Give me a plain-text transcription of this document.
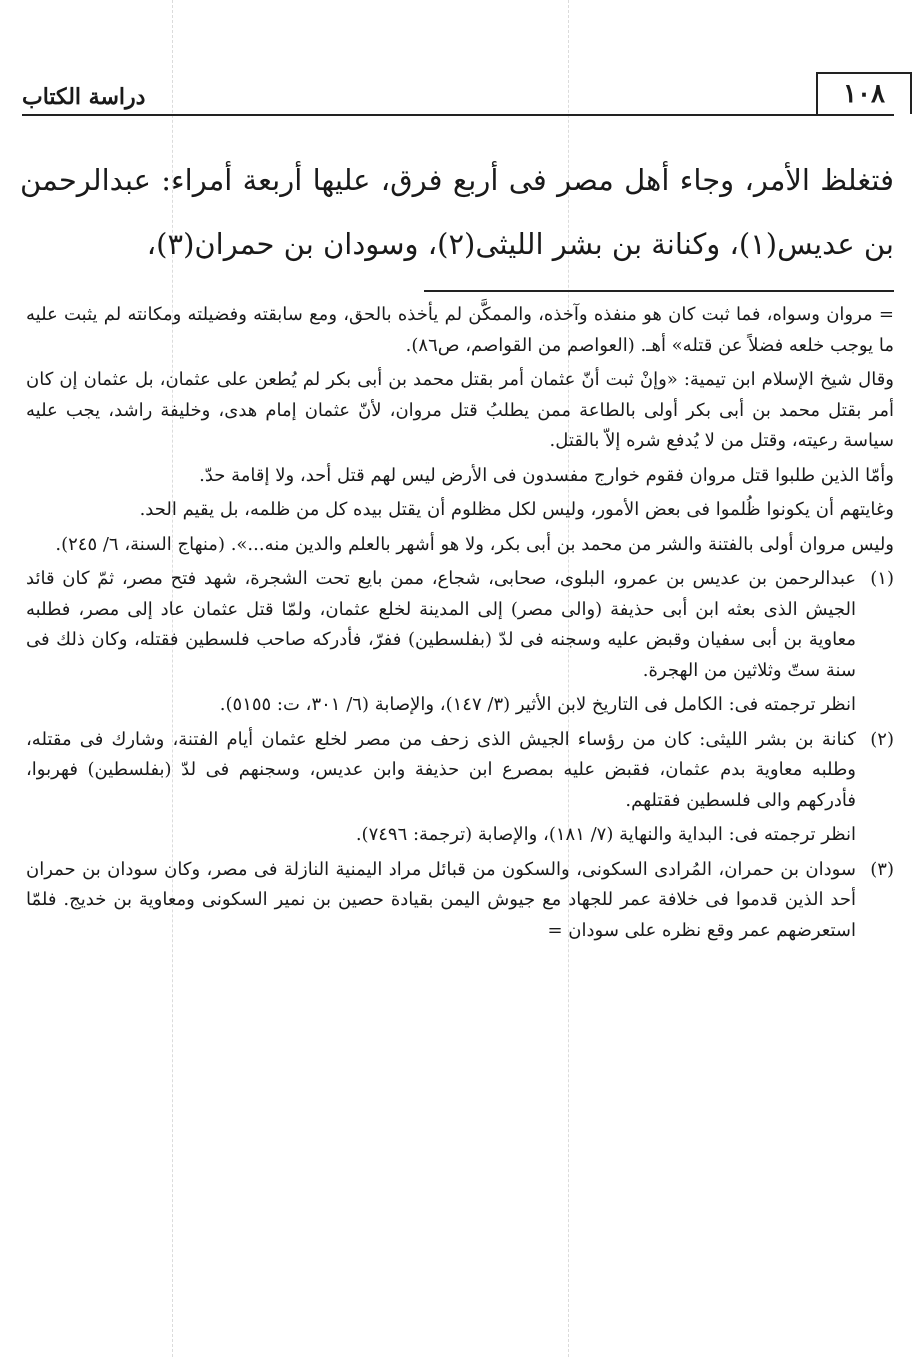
١٠٨
دراسة الكتاب

فتغلظ الأمر، وجاء أهل مصر فى أربع فرق، عليها أربعة أمراء: عبدالرحمن بن عديس(١)، وكنانة بن بشر الليثى(٢)، وسودان بن حمران(٣)،

= مروان وسواه، فما ثبت كان هو منفذه وآخذه، والممكَّن لم يأخذه بالحق، ومع سابقته وفضيلته ومكانته لم يثبت عليه ما يوجب خلعه فضلاً عن قتله» أهـ. (العواصم من القواصم، ص٨٦).

وقال شيخ الإسلام ابن تيمية: «وإنْ ثبت أنّ عثمان أمر بقتل محمد بن أبى بكر لم يُطعن على عثمان، بل عثمان إن كان أمر بقتل محمد بن أبى بكر أولى بالطاعة ممن يطلبُ قتل مروان، لأنّ عثمان إمام هدى، وخليفة راشد، يجب عليه سياسة رعيته، وقتل من لا يُدفع شره إلاّ بالقتل.

وأمّا الذين طلبوا قتل مروان فقوم خوارج مفسدون فى الأرض ليس لهم قتل أحد، ولا إقامة حدّ.

وغايتهم أن يكونوا ظُلموا فى بعض الأمور، وليس لكل مظلوم أن يقتل بيده كل من ظلمه، بل يقيم الحد.

وليس مروان أولى بالفتنة والشر من محمد بن أبى بكر، ولا هو أشهر بالعلم والدين منه...». (منهاج السنة، ٦/ ٢٤٥).

(١)

عبدالرحمن بن عديس بن عمرو، البلوى، صحابى، شجاع، ممن بايع تحت الشجرة، شهد فتح مصر، ثمّ كان قائد الجيش الذى بعثه ابن أبى حذيفة (والى مصر) إلى المدينة لخلع عثمان، ولمّا قتل عثمان عاد إلى مصر، فطلبه معاوية بن أبى سفيان وقبض عليه وسجنه فى لدّ (بفلسطين) ففرّ، فأدركه صاحب فلسطين فقتله، وكان ذلك فى سنة ستّ وثلاثين من الهجرة.

انظر ترجمته فى: الكامل فى التاريخ لابن الأثير (٣/ ١٤٧)، والإصابة (٦/ ٣٠١، ت: ٥١٥٥).

(٢)

كنانة بن بشر الليثى: كان من رؤساء الجيش الذى زحف من مصر لخلع عثمان أيام الفتنة، وشارك فى مقتله، وطلبه معاوية بدم عثمان، فقبض عليه بمصرع ابن حذيفة وابن عديس، وسجنهم فى لدّ (بفلسطين) فهربوا، فأدركهم والى فلسطين فقتلهم.

انظر ترجمته فى: البداية والنهاية (٧/ ١٨١)، والإصابة (ترجمة: ٧٤٩٦).

(٣)

سودان بن حمران، المُرادى السكونى، والسكون من قبائل مراد اليمنية النازلة فى مصر، وكان سودان بن حمران أحد الذين قدموا فى خلافة عمر للجهاد مع جيوش اليمن بقيادة حصين بن نمير السكونى ومعاوية بن خديج. فلمّا استعرضهم عمر وقع نظره على سودان =
